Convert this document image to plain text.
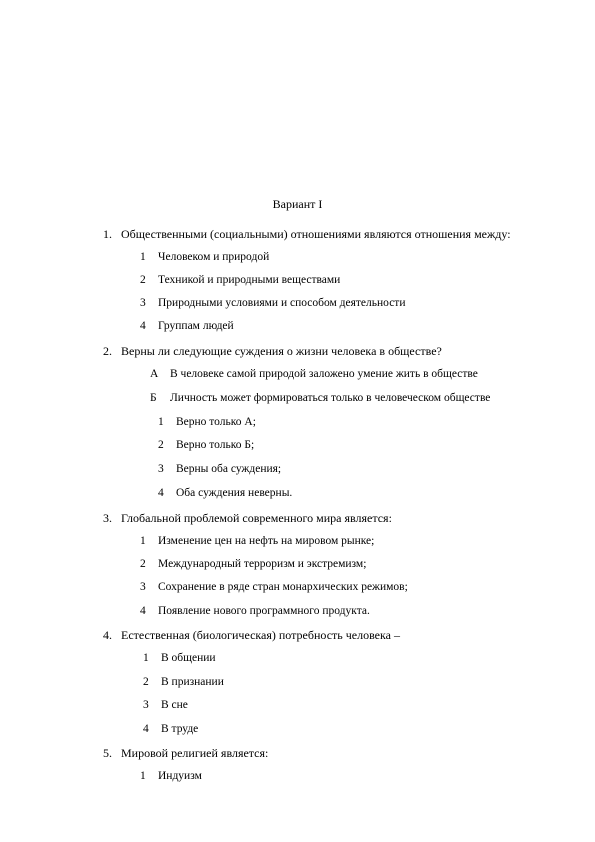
Вариант I
1. Общественными (социальными) отношениями являются отношения между:
1 Человеком и природой
2 Техникой и природными веществами
3 Природными условиями и способом деятельности
4 Группам людей
2. Верны ли следующие суждения о жизни человека в обществе?
А В человеке самой природой заложено умение жить в обществе
Б Личность может формироваться только в человеческом обществе
1 Верно только А;
2 Верно только Б;
3 Верны оба суждения;
4 Оба суждения неверны.
3. Глобальной проблемой современного мира является:
1 Изменение цен на нефть на мировом рынке;
2 Международный терроризм и экстремизм;
3 Сохранение в ряде стран монархических режимов;
4 Появление нового программного продукта.
4. Естественная (биологическая) потребность человека –
1 В общении
2 В признании
3 В сне
4 В труде
5. Мировой религией является:
1 Индуизм
